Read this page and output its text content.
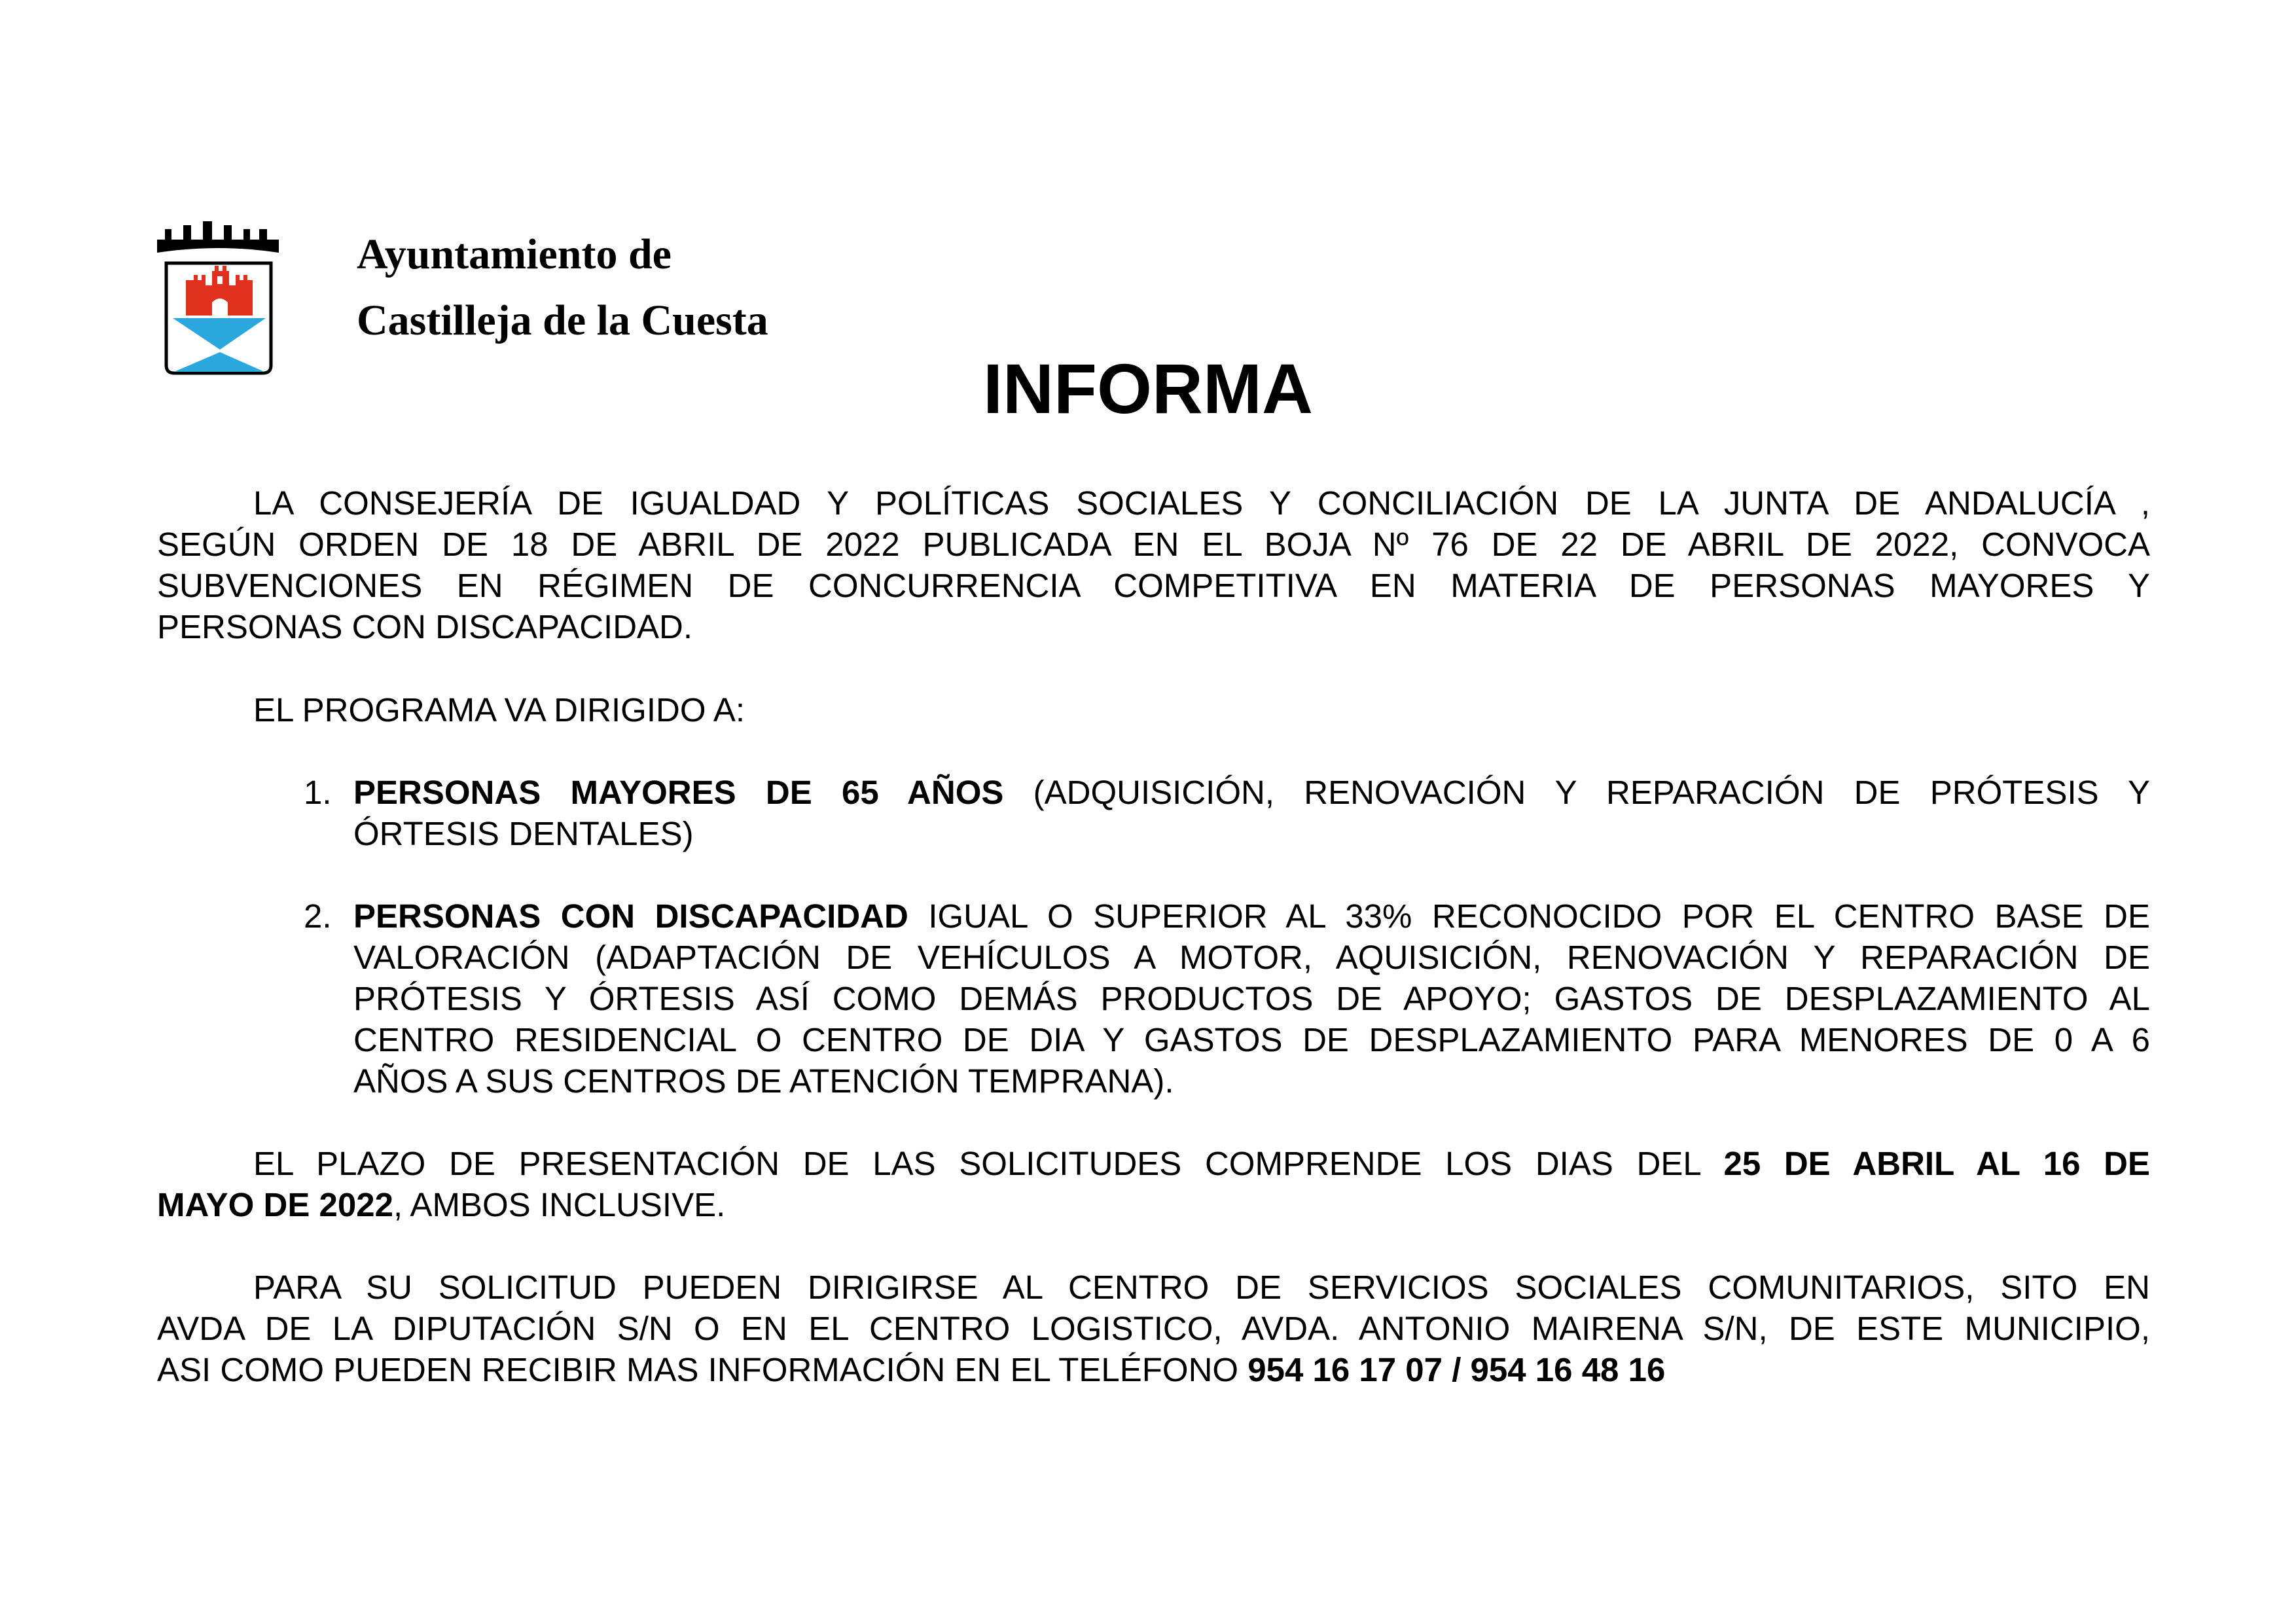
Ayuntamiento de
Castilleja de la Cuesta
INFORMA
LA CONSEJERÍA DE IGUALDAD Y POLÍTICAS SOCIALES Y CONCILIACIÓN DE LA JUNTA DE ANDALUCÍA ,
SEGÚN ORDEN DE 18 DE ABRIL DE 2022 PUBLICADA EN EL BOJA Nº 76 DE 22 DE ABRIL DE 2022, CONVOCA
SUBVENCIONES EN RÉGIMEN DE CONCURRENCIA COMPETITIVA EN MATERIA DE PERSONAS MAYORES Y
PERSONAS CON DISCAPACIDAD.
EL PROGRAMA VA DIRIGIDO A:
1. PERSONAS MAYORES DE 65 AÑOS (ADQUISICIÓN, RENOVACIÓN Y REPARACIÓN DE PRÓTESIS Y
ÓRTESIS DENTALES)
2. PERSONAS CON DISCAPACIDAD IGUAL O SUPERIOR AL 33% RECONOCIDO POR EL CENTRO BASE DE
VALORACIÓN (ADAPTACIÓN DE VEHÍCULOS A MOTOR, AQUISICIÓN, RENOVACIÓN Y REPARACIÓN DE
PRÓTESIS Y ÓRTESIS ASÍ COMO DEMÁS PRODUCTOS DE APOYO; GASTOS DE DESPLAZAMIENTO AL
CENTRO RESIDENCIAL O CENTRO DE DIA Y GASTOS DE DESPLAZAMIENTO PARA MENORES DE 0 A 6
AÑOS A SUS CENTROS DE ATENCIÓN TEMPRANA).
EL PLAZO DE PRESENTACIÓN DE LAS SOLICITUDES COMPRENDE LOS DIAS DEL 25 DE ABRIL AL 16 DE
MAYO DE 2022, AMBOS INCLUSIVE.
PARA SU SOLICITUD PUEDEN DIRIGIRSE AL CENTRO DE SERVICIOS SOCIALES COMUNITARIOS, SITO EN
AVDA DE LA DIPUTACIÓN S/N O EN EL CENTRO LOGISTICO, AVDA. ANTONIO MAIRENA S/N, DE ESTE MUNICIPIO,
ASI COMO PUEDEN RECIBIR MAS INFORMACIÓN EN EL TELÉFONO 954 16 17 07 / 954 16 48 16
